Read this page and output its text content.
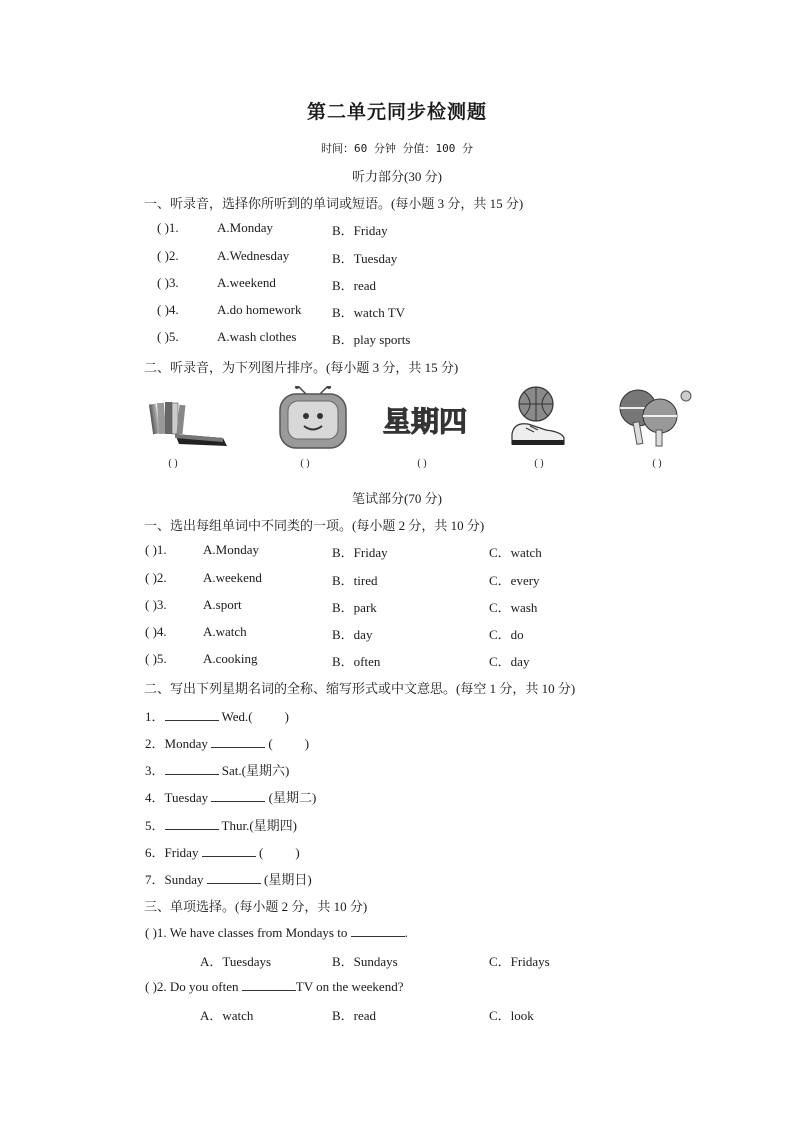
第二单元同步检测题
时间：60 分钟 分值：100 分
听力部分(30 分)
一、听录音，选择你所听到的单词或短语。(每小题 3 分，共 15 分)
( )1.	A.Monday	B．Friday
( )2.	A.Wednesday	B．Tuesday
( )3.	A.weekend	B．read
( )4.	A.do homework B．watch TV
( )5.	A.wash clothes	B．play sports
二、听录音，为下列图片排序。(每小题 3 分，共 15 分)
星期四
( )	( )	( )	( )	( )
笔试部分(70 分)
一、选出每组单词中不同类的一项。(每小题 2 分，共 10 分)
( )1.	A.Monday	B．Friday	C．watch
( )2.	A.weekend	B．tired	C．every
( )3.	A.sport	B．park	C．wash
( )4.	A.watch	B．day	C．do
( )5.	A.cooking	B．often	C．day
二、写出下列星期名词的全称、缩写形式或中文意思。(每空 1 分，共 10 分)
1．	Wed.( )
2．Monday	( )
3．	Sat.(星期六)
4．Tuesday	(星期二)
5．	Thur.(星期四)
6．Friday	( )
7．Sunday	(星期日)
三、单项选择。(每小题 2 分，共 10 分)
( )1. We have classes from Mondays to	.
A．Tuesdays	B．Sundays	C．Fridays
( )2. Do you often	TV on the weekend?
A．watch	B．read	C．look
